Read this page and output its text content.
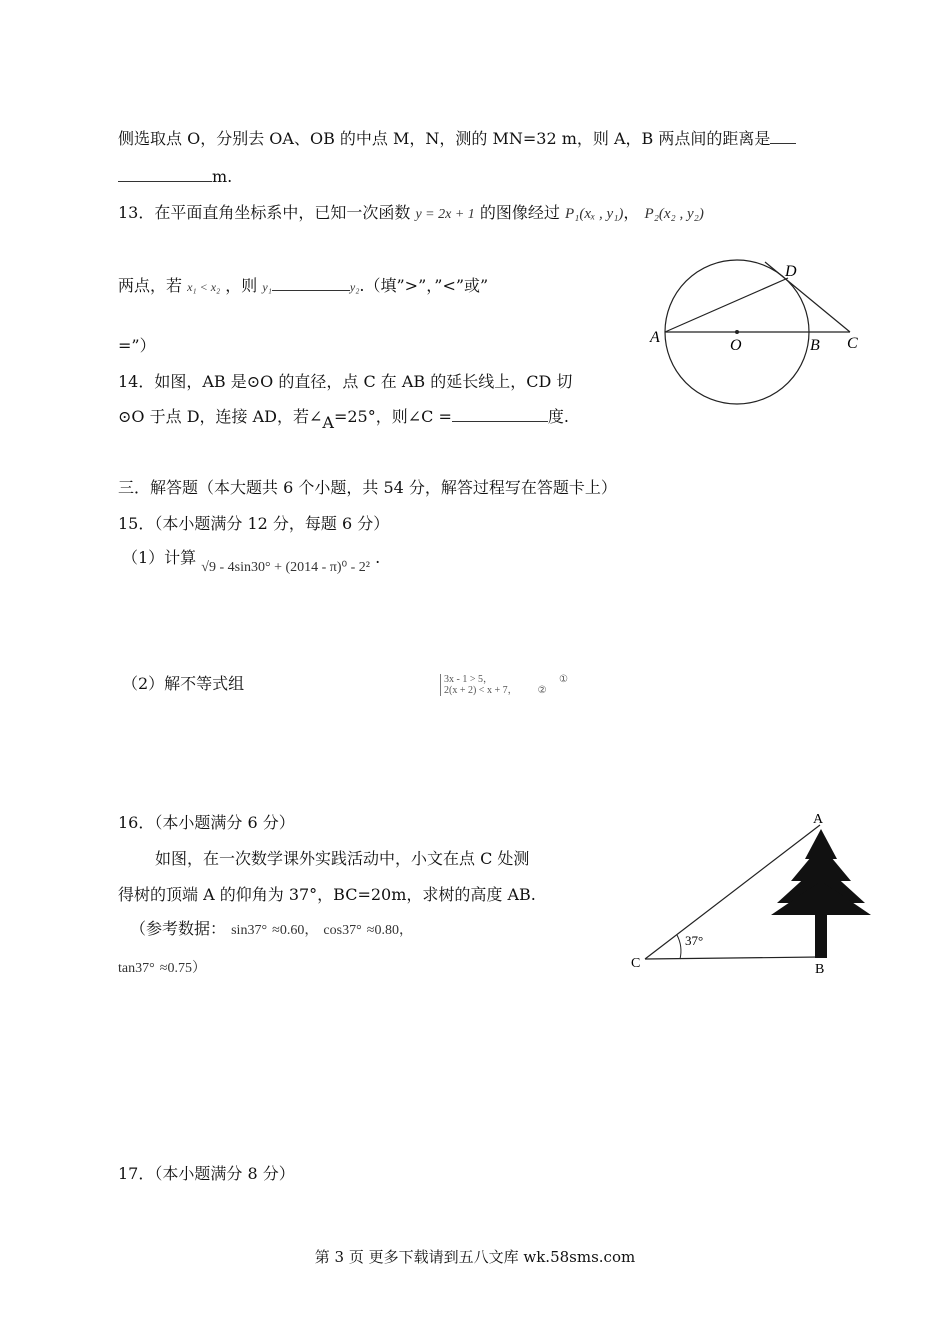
侧选取点 O，分别去 OA、OB 的中点 M，N，测的 MN=32 m，则 A，B 两点间的距离是
m.
13．在平面直角坐标系中，已知一次函数 y = 2x + 1 的图像经过 P₁(xₓ , y₁)， P₂(x₂ , y₂)
两点，若 x₁ < x₂ ，则 y₁	y₂.（填”>”，”<”或”
=”）	A	O	B C
D
14．如图，AB 是⊙O 的直径，点 C 在 AB 的延长线上，CD 切
⊙O 于点 D，连接 AD，若∠A=25°，则∠C =	度.
三．解答题（本大题共 6 个小题，共 54 分，解答过程写在答题卡上）
15．（本小题满分 12 分，每题 6 分）
（1）计算 √9 - 4sin30° + (2014 - π)⁰ - 2² .
（2）解不等式组	3x - 1 > 5，	①
2(x + 2) < x + 7， ②
16．（本小题满分 6 分）
如图，在一次数学课外实践活动中，小文在点 C 处测
得树的顶端 A 的仰角为 37°，BC=20m，求树的高度 AB.
（参考数据： sin37° ≈0.60， cos37° ≈0.80，
tan37° ≈0.75）
A
B
C
37°
17．（本小题满分 8 分）
第 3 页 更多下载请到五八文库 wk.58sms.com
